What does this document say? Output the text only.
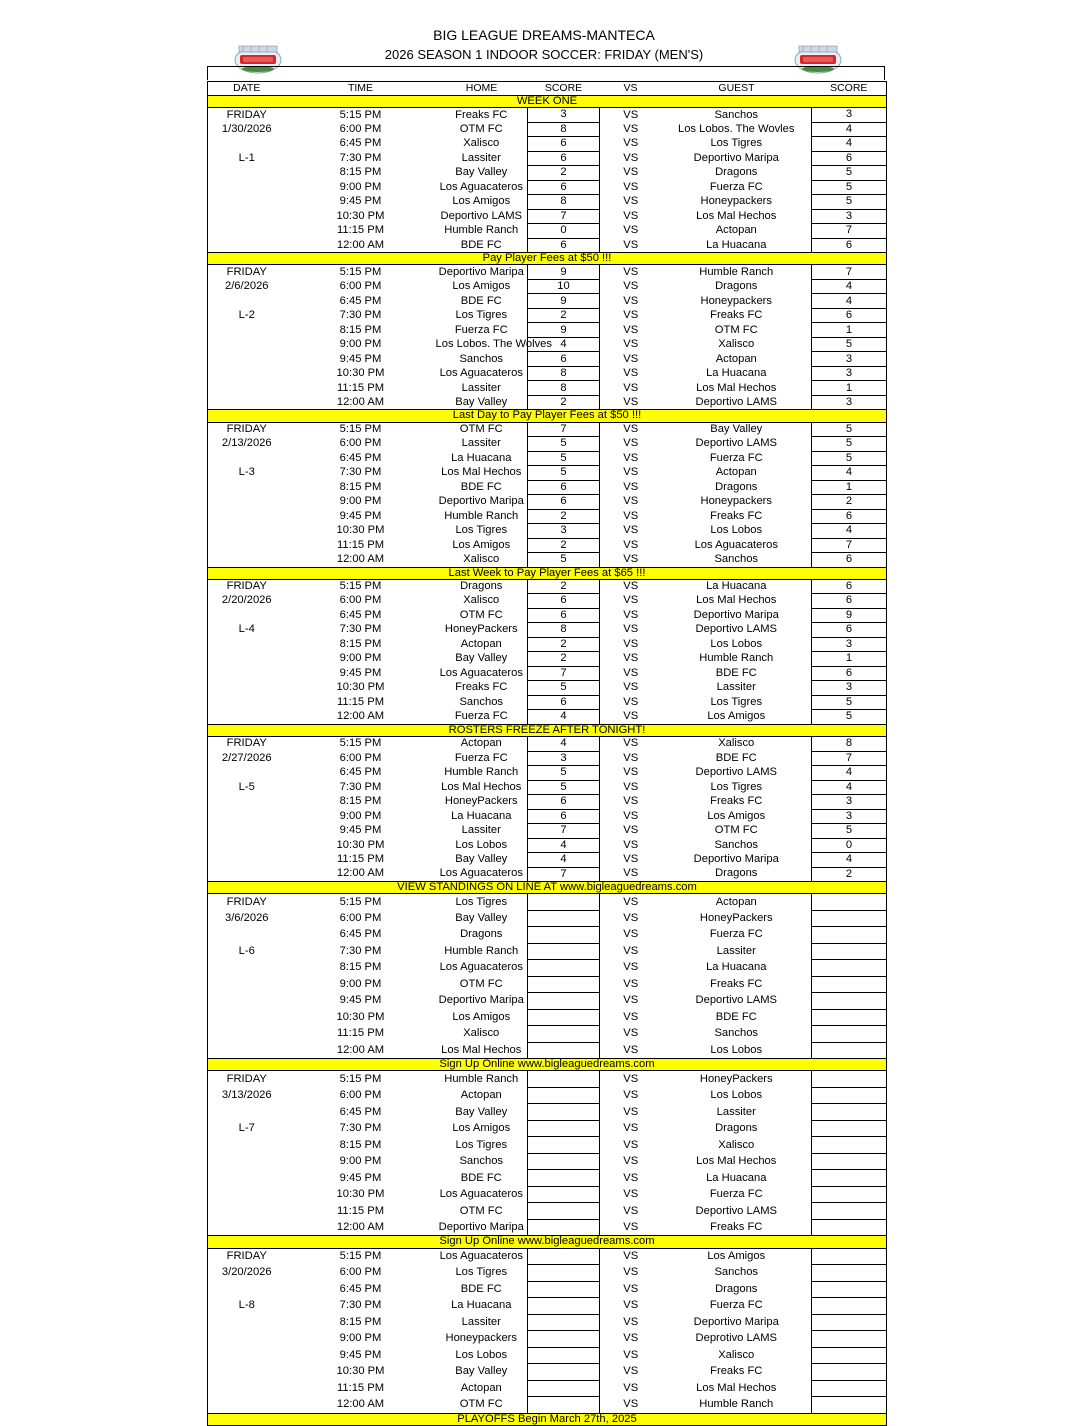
BIG LEAGUE DREAMS-MANTECA
2026 SEASON 1 INDOOR SOCCER: FRIDAY (MEN'S)
DATE	TIME	HOME	SCORE	VS	GUEST	SCORE
WEEK ONE						
FRIDAY	5:15 PM	Freaks FC	3	VS	Sanchos	3
1/30/2026	6:00 PM	OTM FC	8	VS	Los Lobos. The Wovles	4
	6:45 PM	Xalisco	6	VS	Los Tigres	4
L-1	7:30 PM	Lassiter	6	VS	Deportivo Maripa	6
	8:15 PM	Bay Valley	2	VS	Dragons	5
	9:00 PM	Los Aguacateros	6	VS	Fuerza FC	5
	9:45 PM	Los Amigos	8	VS	Honeypackers	5
	10:30 PM	Deportivo LAMS	7	VS	Los Mal Hechos	3
	11:15 PM	Humble Ranch	0	VS	Actopan	7
	12:00 AM	BDE FC	6	VS	La Huacana	6
Pay Player Fees at $50 !!!						
FRIDAY	5:15 PM	Deportivo Maripa	9	VS	Humble Ranch	7
2/6/2026	6:00 PM	Los Amigos	10	VS	Dragons	4
	6:45 PM	BDE FC	9	VS	Honeypackers	4
L-2	7:30 PM	Los Tigres	2	VS	Freaks FC	6
	8:15 PM	Fuerza FC	9	VS	OTM FC	1
	9:00 PM	Los Lobos. The Wolves	4	VS	Xalisco	5
	9:45 PM	Sanchos	6	VS	Actopan	3
	10:30 PM	Los Aguacateros	8	VS	La Huacana	3
	11:15 PM	Lassiter	8	VS	Los Mal Hechos	1
	12:00 AM	Bay Valley	2	VS	Deportivo LAMS	3
Last Day to Pay Player Fees at $50 !!!						
FRIDAY	5:15 PM	OTM FC	7	VS	Bay Valley	5
2/13/2026	6:00 PM	Lassiter	5	VS	Deportivo LAMS	5
	6:45 PM	La Huacana	5	VS	Fuerza FC	5
L-3	7:30 PM	Los Mal Hechos	5	VS	Actopan	4
	8:15 PM	BDE FC	6	VS	Dragons	1
	9:00 PM	Deportivo Maripa	6	VS	Honeypackers	2
	9:45 PM	Humble Ranch	2	VS	Freaks FC	6
	10:30 PM	Los Tigres	3	VS	Los Lobos	4
	11:15 PM	Los Amigos	2	VS	Los Aguacateros	7
	12:00 AM	Xalisco	5	VS	Sanchos	6
Last Week to Pay Player Fees at $65 !!!						
FRIDAY	5:15 PM	Dragons	2	VS	La Huacana	6
2/20/2026	6:00 PM	Xalisco	6	VS	Los Mal Hechos	6
	6:45 PM	OTM FC	6	VS	Deportivo Maripa	9
L-4	7:30 PM	HoneyPackers	8	VS	Deportivo LAMS	6
	8:15 PM	Actopan	2	VS	Los Lobos	3
	9:00 PM	Bay Valley	2	VS	Humble Ranch	1
	9:45 PM	Los Aguacateros	7	VS	BDE FC	6
	10:30 PM	Freaks FC	5	VS	Lassiter	3
	11:15 PM	Sanchos	6	VS	Los Tigres	5
	12:00 AM	Fuerza FC	4	VS	Los Amigos	5
ROSTERS FREEZE AFTER TONIGHT!						
FRIDAY	5:15 PM	Actopan	4	VS	Xalisco	8
2/27/2026	6:00 PM	Fuerza FC	3	VS	BDE FC	7
	6:45 PM	Humble Ranch	5	VS	Deportivo LAMS	4
L-5	7:30 PM	Los Mal Hechos	5	VS	Los Tigres	4
	8:15 PM	HoneyPackers	6	VS	Freaks FC	3
	9:00 PM	La Huacana	6	VS	Los Amigos	3
	9:45 PM	Lassiter	7	VS	OTM FC	5
	10:30 PM	Los Lobos	4	VS	Sanchos	0
	11:15 PM	Bay Valley	4	VS	Deportivo Maripa	4
	12:00 AM	Los Aguacateros	7	VS	Dragons	2
VIEW STANDINGS ON LINE AT www.bigleaguedreams.com						
FRIDAY	5:15 PM	Los Tigres		VS	Actopan	
3/6/2026	6:00 PM	Bay Valley		VS	HoneyPackers	
	6:45 PM	Dragons		VS	Fuerza FC	
L-6	7:30 PM	Humble Ranch		VS	Lassiter	
	8:15 PM	Los Aguacateros		VS	La Huacana	
	9:00 PM	OTM FC		VS	Freaks FC	
	9:45 PM	Deportivo Maripa		VS	Deportivo LAMS	
	10:30 PM	Los Amigos		VS	BDE FC	
	11:15 PM	Xalisco		VS	Sanchos	
	12:00 AM	Los Mal Hechos		VS	Los Lobos	
Sign Up Online www.bigleaguedreams.com						
FRIDAY	5:15 PM	Humble Ranch		VS	HoneyPackers	
3/13/2026	6:00 PM	Actopan		VS	Los Lobos	
	6:45 PM	Bay Valley		VS	Lassiter	
L-7	7:30 PM	Los Amigos		VS	Dragons	
	8:15 PM	Los Tigres		VS	Xalisco	
	9:00 PM	Sanchos		VS	Los Mal Hechos	
	9:45 PM	BDE FC		VS	La Huacana	
	10:30 PM	Los Aguacateros		VS	Fuerza FC	
	11:15 PM	OTM FC		VS	Deportivo LAMS	
	12:00 AM	Deportivo Maripa		VS	Freaks FC	
Sign Up Online www.bigleaguedreams.com						
FRIDAY	5:15 PM	Los Aguacateros		VS	Los Amigos	
3/20/2026	6:00 PM	Los Tigres		VS	Sanchos	
	6:45 PM	BDE FC		VS	Dragons	
L-8	7:30 PM	La Huacana		VS	Fuerza FC	
	8:15 PM	Lassiter		VS	Deportivo Maripa	
	9:00 PM	Honeypackers		VS	Deprotivo LAMS	
	9:45 PM	Los Lobos		VS	Xalisco	
	10:30 PM	Bay Valley		VS	Freaks FC	
	11:15 PM	Actopan		VS	Los Mal Hechos	
	12:00 AM	OTM FC		VS	Humble Ranch	
PLAYOFFS Begin March 27th, 2025						
